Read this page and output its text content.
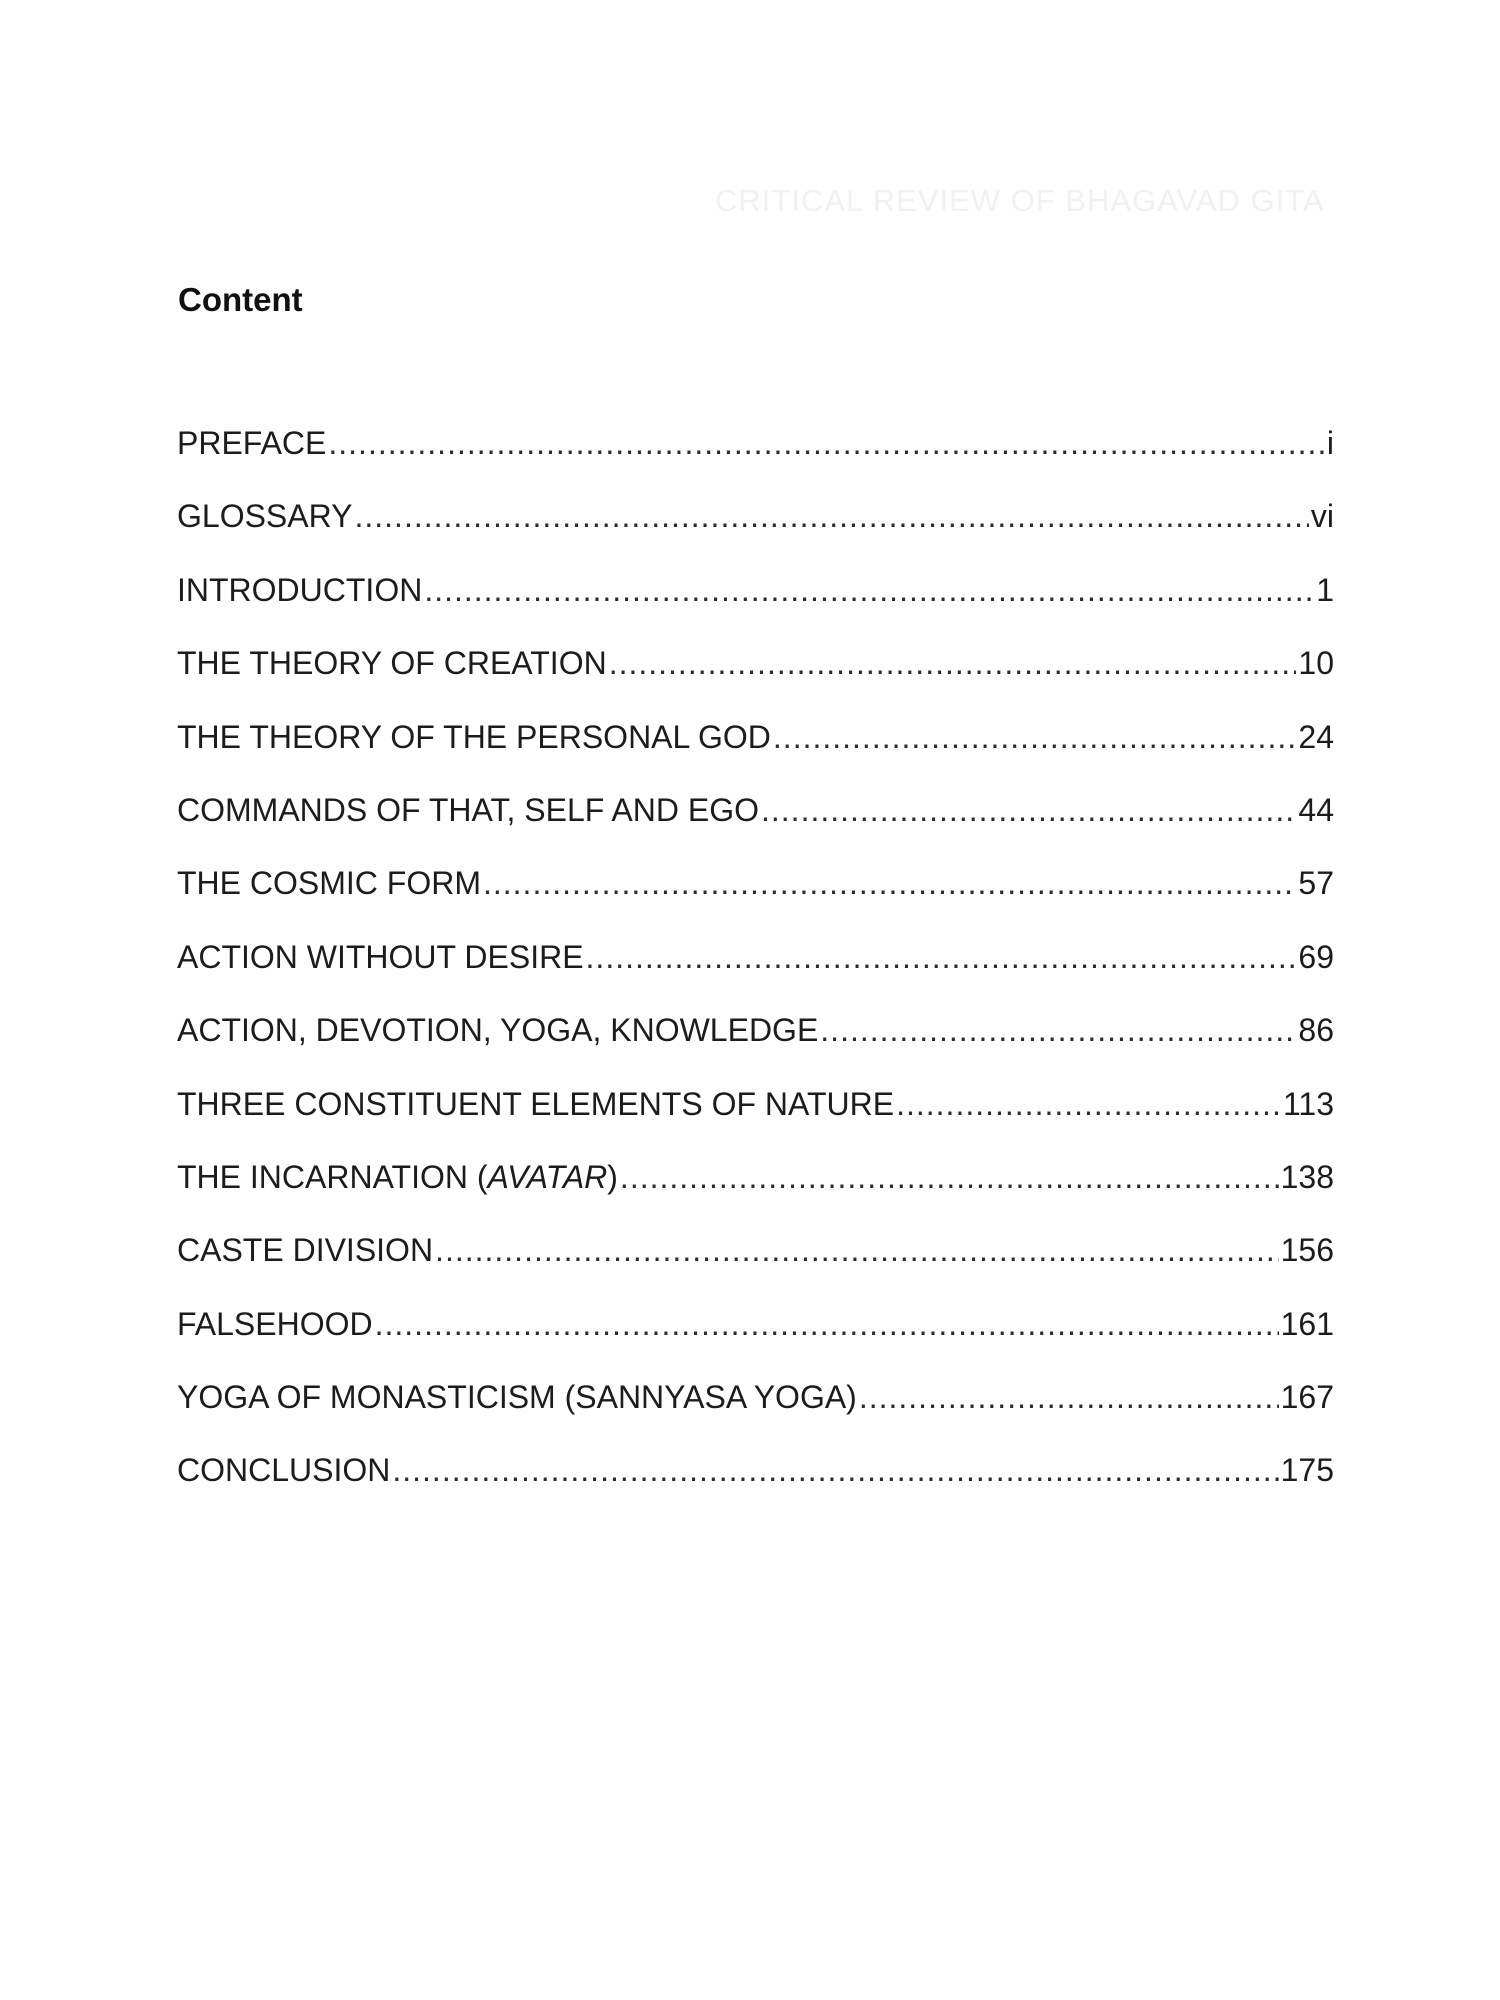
CRITICAL REVIEW OF BHAGAVAD GITA
Content
PREFACE .....	i
GLOSSARY .....	vi
INTRODUCTION .....	1
THE THEORY OF CREATION .....	10
THE THEORY OF THE PERSONAL GOD .....	24
COMMANDS OF THAT, SELF AND EGO .....	44
THE COSMIC FORM .....	57
ACTION WITHOUT DESIRE .....	69
ACTION, DEVOTION, YOGA, KNOWLEDGE .....	86
THREE CONSTITUENT ELEMENTS OF NATURE .....	113
THE INCARNATION (AVATAR) .....	138
CASTE DIVISION .....	156
FALSEHOOD .....	161
YOGA OF MONASTICISM (SANNYASA YOGA) .....	167
CONCLUSION .....	175
